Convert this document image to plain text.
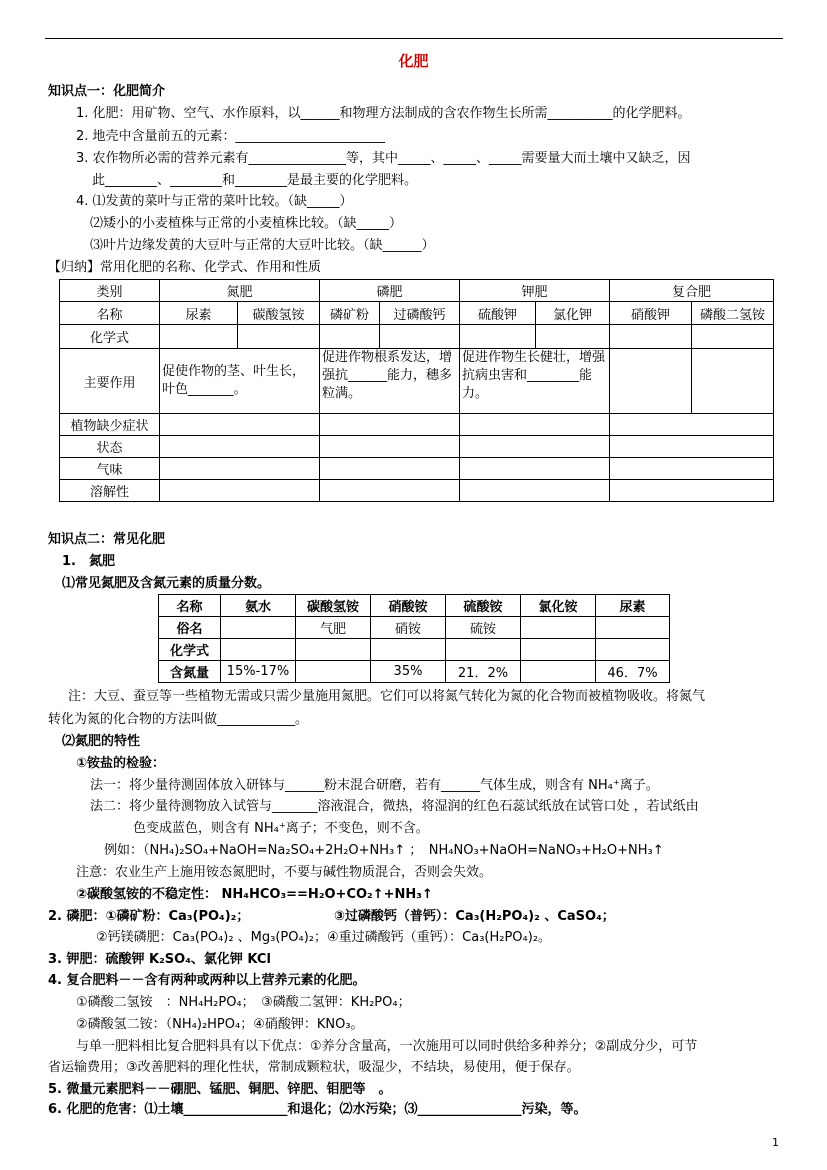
化肥
知识点一：化肥简介
1. 化肥：用矿物、空气、水作原料，以______和物理方法制成的含农作物生长所需__________的化学肥料。
2. 地壳中含量前五的元素：_______________________
3. 农作物所必需的营养元素有_______________等，其中_____、_____、_____需要量大而土壤中又缺乏，因
此________、________和________是最主要的化学肥料。
4. ⑴发黄的菜叶与正常的菜叶比较。（缺_____）
⑵矮小的小麦植株与正常的小麦植株比较。（缺_____）
⑶叶片边缘发黄的大豆叶与正常的大豆叶比较。（缺______）
【归纳】常用化肥的名称、化学式、作用和性质
类别	氮肥		磷肥		钾肥		复合肥	
名称	尿素	碳酸氢铵	磷矿粉	过磷酸钙	硫酸钾	氯化钾	硝酸钾	磷酸二氢铵
化学式								
主要作用	促使作物的茎、叶生长，叶色_______。		促进作物根系发达，增强抗______能力，穗多粒满。		促进作物生长健壮，增强抗病虫害和________能力。			
植物缺少症状								
状态								
气味								
溶解性								
知识点二：常见化肥
1.　氮肥
⑴常见氮肥及含氮元素的质量分数。
名称	氨水	碳酸氢铵	硝酸铵	硫酸铵	氯化铵	尿素
俗名		气肥	硝铵	硫铵		
化学式						
含氮量	15%-17%		35%	21．2%		46．7%
注：大豆、蚕豆等一些植物无需或只需少量施用氮肥。它们可以将氮气转化为氮的化合物而被植物吸收。将氮气
转化为氮的化合物的方法叫做____________。
⑵氮肥的特性
①铵盐的检验：
法一：将少量待测固体放入研钵与______粉末混合研磨，若有______气体生成，则含有 NH₄⁺离子。
法二：将少量待测物放入试管与_______溶液混合，微热，将湿润的红色石蕊试纸放在试管口处 ，若试纸由
色变成蓝色，则含有 NH₄⁺离子；不变色，则不含。
例如：（NH₄)₂SO₄+NaOH=Na₂SO₄+2H₂O+NH₃↑ ；　NH₄NO₃+NaOH=NaNO₃+H₂O+NH₃↑
注意：农业生产上施用铵态氮肥时，不要与碱性物质混合，否则会失效。
②碳酸氢铵的不稳定性： NH₄HCO₃==H₂O+CO₂↑+NH₃↑
2. 磷肥：①磷矿粉：Ca₃(PO₄)₂；　　　　　　　③过磷酸钙（普钙）：Ca₃(H₂PO₄)₂ 、CaSO₄；
②钙镁磷肥：Ca₃(PO₄)₂ 、Mg₃(PO₄)₂；④重过磷酸钙（重钙）：Ca₃(H₂PO₄)₂。
3. 钾肥：硫酸钾 K₂SO₄、氯化钾 KCl
4. 复合肥料－－含有两种或两种以上营养元素的化肥。
①磷酸二氢铵　：NH₄H₂PO₄；　③磷酸二氢钾：KH₂PO₄；
②磷酸氢二铵：（NH₄)₂HPO₄；④硝酸钾：KNO₃。
与单一肥料相比复合肥料具有以下优点：①养分含量高，一次施用可以同时供给多种养分；②副成分少，可节
省运输费用；③改善肥料的理化性状，常制成颗粒状，吸湿少，不结块，易使用，便于保存。
5. 微量元素肥料－－硼肥、锰肥、铜肥、锌肥、钼肥等　。
6. 化肥的危害：⑴土壤________________和退化；⑵水污染；⑶________________污染，等。
1
